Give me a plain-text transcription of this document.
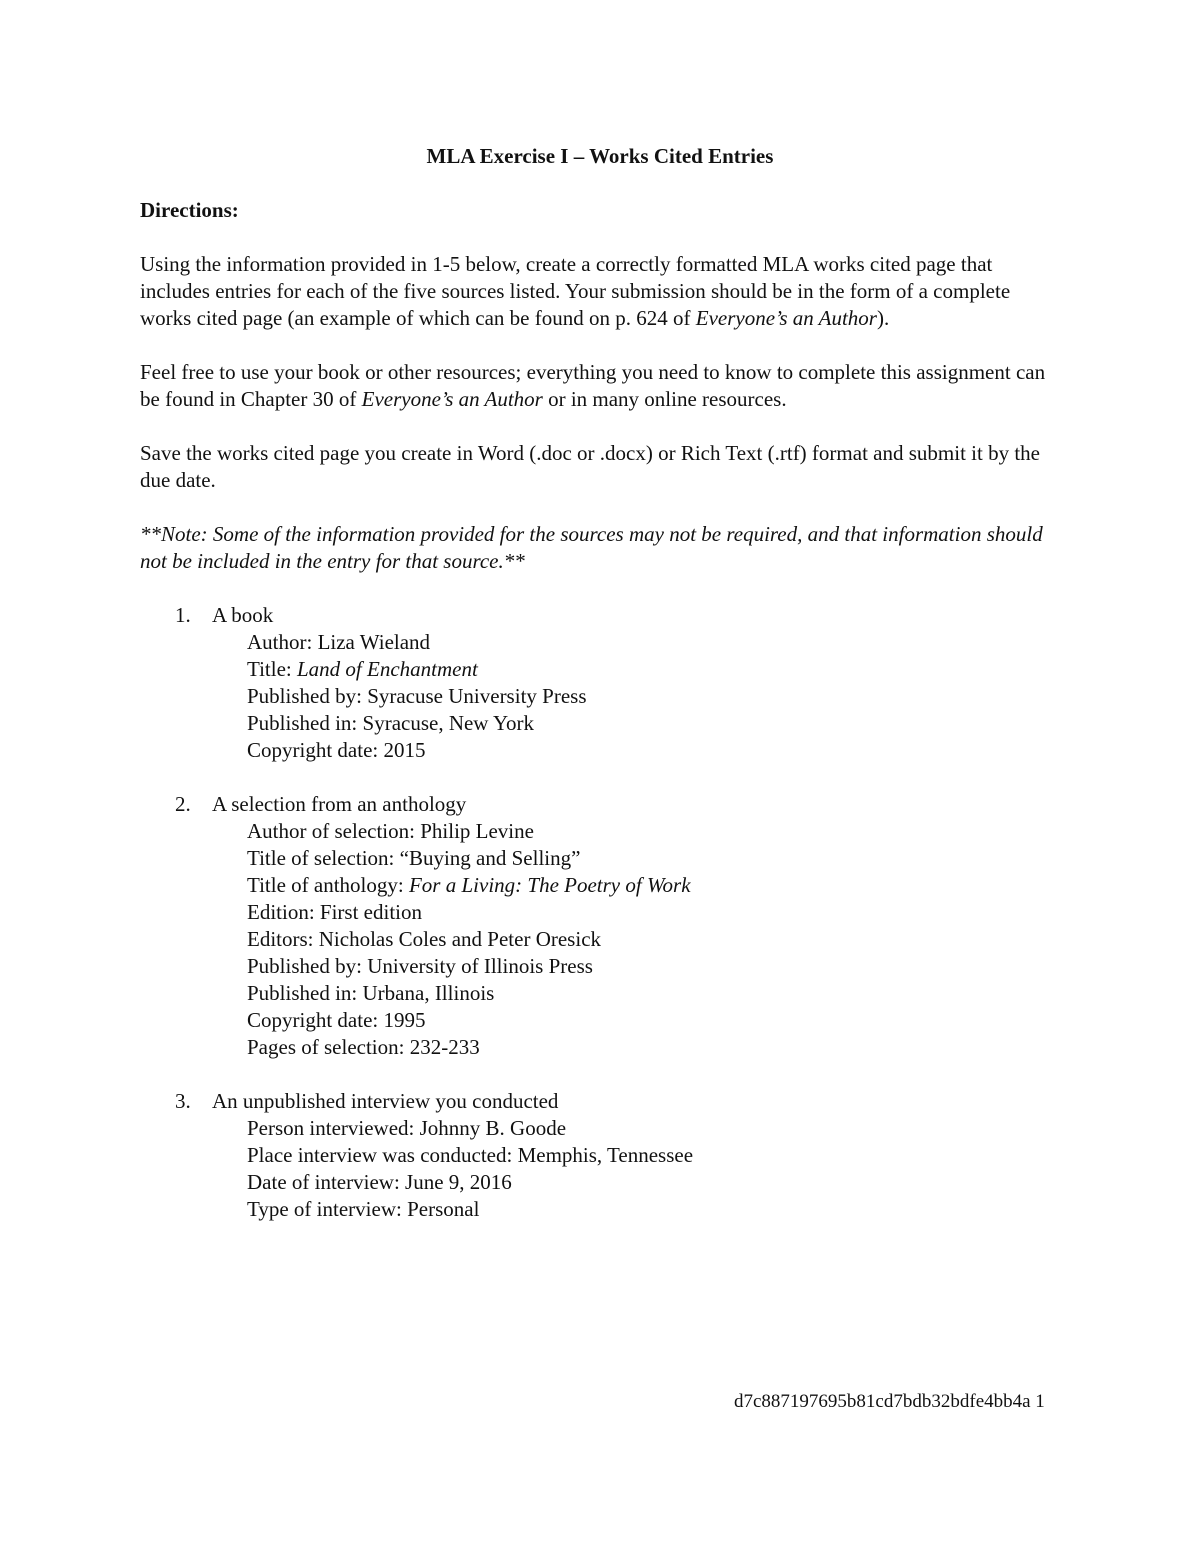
MLA Exercise I – Works Cited Entries
Directions:

Using the information provided in 1-5 below, create a correctly formatted MLA works cited page that includes entries for each of the five sources listed. Your submission should be in the form of a complete works cited page (an example of which can be found on p. 624 of Everyone’s an Author).

Feel free to use your book or other resources; everything you need to know to complete this assignment can be found in Chapter 30 of Everyone’s an Author or in many online resources.

Save the works cited page you create in Word (.doc or .docx) or Rich Text (.rtf) format and submit it by the due date.

**Note: Some of the information provided for the sources may not be required, and that information should not be included in the entry for that source.**

1. A book
Author: Liza Wieland
Title: Land of Enchantment
Published by: Syracuse University Press
Published in: Syracuse, New York
Copyright date: 2015
2. A selection from an anthology
Author of selection: Philip Levine
Title of selection: “Buying and Selling”
Title of anthology: For a Living: The Poetry of Work
Edition: First edition
Editors: Nicholas Coles and Peter Oresick
Published by: University of Illinois Press
Published in: Urbana, Illinois
Copyright date: 1995
Pages of selection: 232-233
3. An unpublished interview you conducted
Person interviewed: Johnny B. Goode
Place interview was conducted: Memphis, Tennessee
Date of interview: June 9, 2016
Type of interview: Personal
d7c887197695b81cd7bdb32bdfe4bb4a 1
